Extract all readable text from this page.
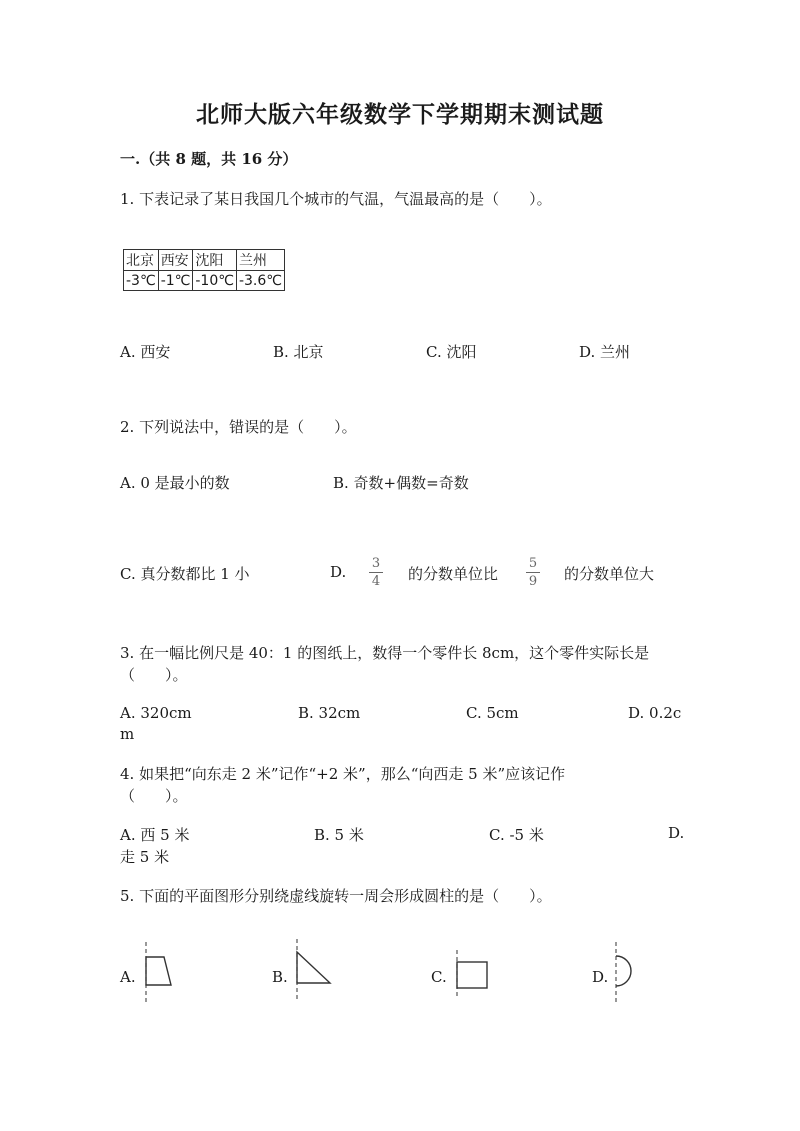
北师大版六年级数学下学期期末测试题
一.（共 8 题，共 16 分）
1. 下表记录了某日我国几个城市的气温，气温最高的是（　　）。
北京	西安	沈阳	兰州
-3℃	-1℃	-10℃	-3.6℃
A. 西安	B. 北京	C. 沈阳	D. 兰州
2. 下列说法中，错误的是（　　）。
A. 0 是最小的数	B. 奇数+偶数=奇数
C. 真分数都比 1 小	D. 3
4 的分数单位比
5
9 的分数单位大
3. 在一幅比例尺是 40：1 的图纸上，数得一个零件长 8cm，这个零件实际长是
（　　）。
A. 320cm	B. 32cm	C. 5cm	D. 0.2c
m
4. 如果把“向东走 2 米”记作“+2 米”，那么“向西走 5 米”应该记作
（　　）。
A. 西 5 米	B. 5 米	C. -5 米	D.
走 5 米
5. 下面的平面图形分别绕虚线旋转一周会形成圆柱的是（　　）。
A.	B.	C.	D.
